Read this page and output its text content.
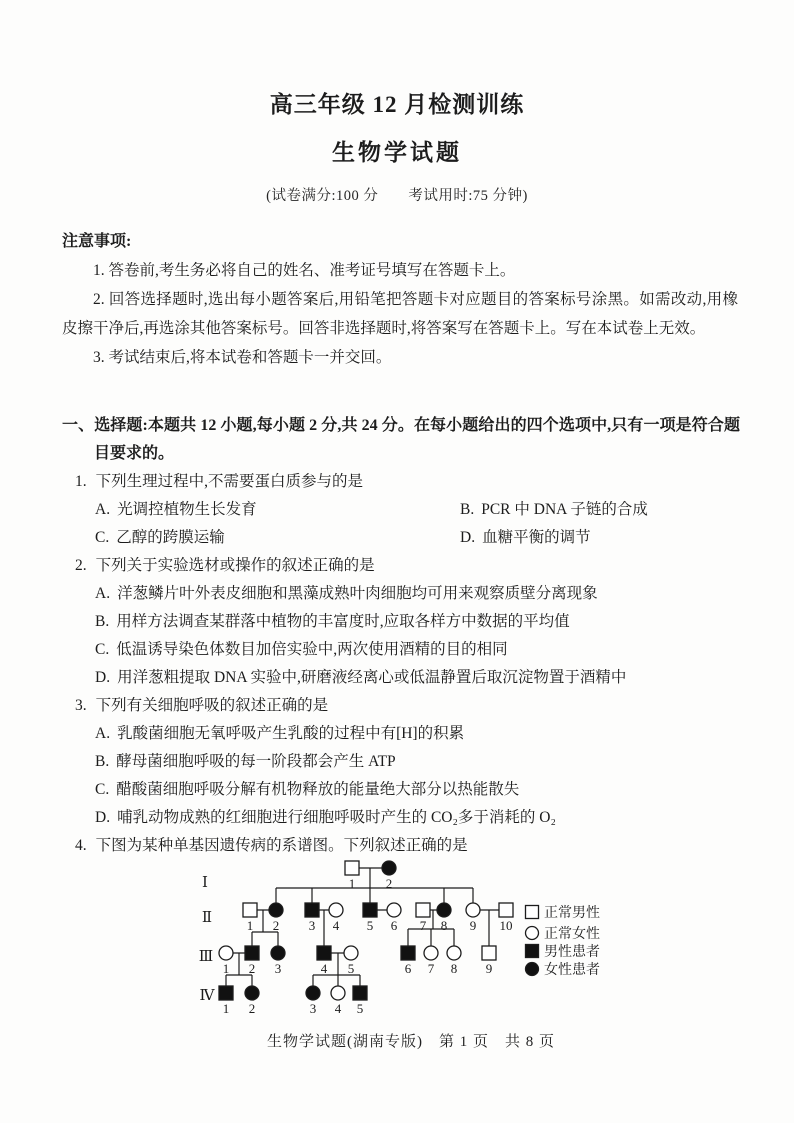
高三年级 12 月检测训练
生物学试题
(试卷满分:100 分　　考试用时:75 分钟)
注意事项:

1. 答卷前,考生务必将自己的姓名、准考证号填写在答题卡上。

2. 回答选择题时,选出每小题答案后,用铅笔把答题卡对应题目的答案标号涂黑。如需改动,用橡皮擦干净后,再选涂其他答案标号。回答非选择题时,将答案写在答题卡上。写在本试卷上无效。

3. 考试结束后,将本试卷和答题卡一并交回。

一、选择题:本题共 12 小题,每小题 2 分,共 24 分。在每小题给出的四个选项中,只有一项是符合题目要求的。
1. 下列生理过程中,不需要蛋白质参与的是
A. 光调控植物生长发育	B. PCR 中 DNA 子链的合成
C. 乙醇的跨膜运输	D. 血糖平衡的调节
2. 下列关于实验选材或操作的叙述正确的是
A. 洋葱鳞片叶外表皮细胞和黑藻成熟叶肉细胞均可用来观察质壁分离现象
B. 用样方法调查某群落中植物的丰富度时,应取各样方中数据的平均值
C. 低温诱导染色体数目加倍实验中,两次使用酒精的目的相同
D. 用洋葱粗提取 DNA 实验中,研磨液经离心或低温静置后取沉淀物置于酒精中
3. 下列有关细胞呼吸的叙述正确的是
A. 乳酸菌细胞无氧呼吸产生乳酸的过程中有[H]的积累
B. 酵母菌细胞呼吸的每一阶段都会产生 ATP
C. 醋酸菌细胞呼吸分解有机物释放的能量绝大部分以热能散失
D. 哺乳动物成熟的红细胞进行细胞呼吸时产生的 CO₂多于消耗的 O₂
4. 下图为某种单基因遗传病的系谱图。下列叙述正确的是
1 2
1 2 3 4 5 6 7 8 9 10
1 2 3	4 5	6 7 8 9
1 2	3 4 5
Ⅰ
Ⅱ
Ⅲ
Ⅳ
正常男性
正常女性
男性患者
女性患者
生物学试题(湖南专版)　第 1 页　共 8 页
